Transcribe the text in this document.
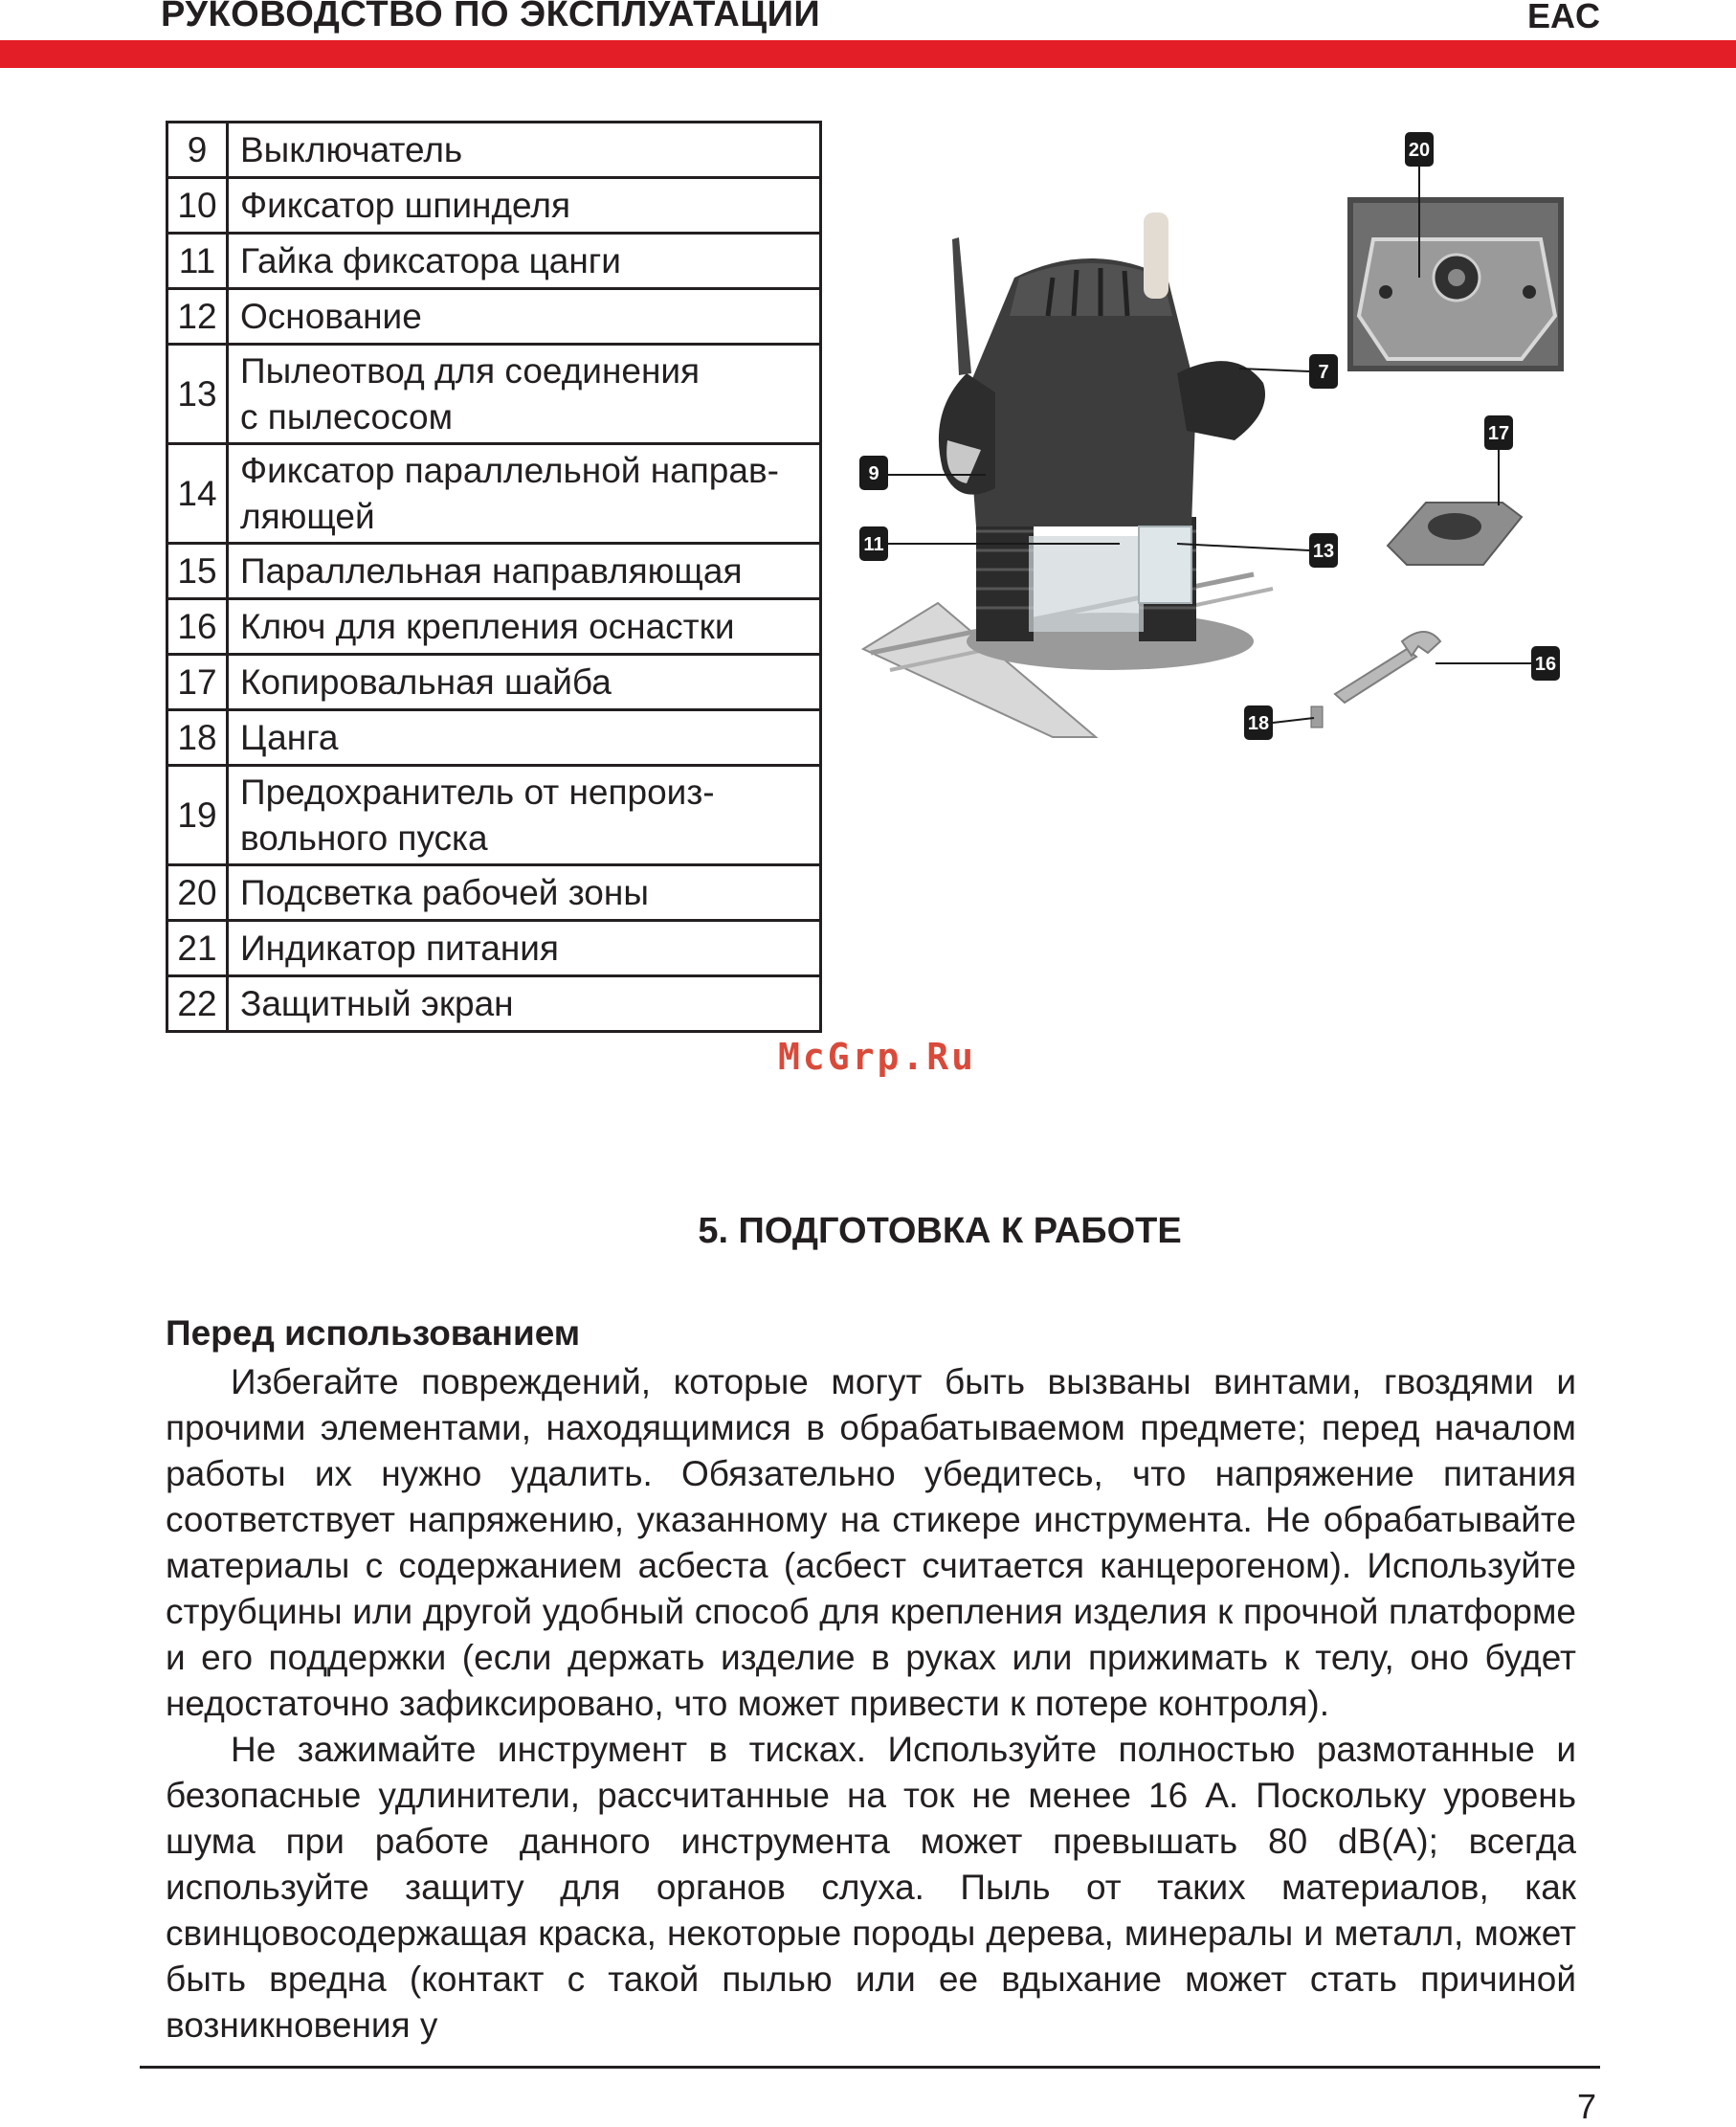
РУКОВОДСТВО ПО ЭКСПЛУАТАЦИИ	EAC
9	Выключатель
10	Фиксатор шпинделя
11	Гайка фиксатора цанги
12	Основание
13	Пылеотвод для соединения
с пылесосом

14	Фиксатор параллельной направ-
ляющей

15	Параллельная направляющая
16	Ключ для крепления оснастки
17	Копировальная шайба
18	Цанга
19	Предохранитель от непроиз-
вольного пуска

20	Подсветка рабочей зоны
21	Индикатор питания
22	Защитный экран
20
7
17
9
11	13
16
18
McGrp.Ru
5. ПОДГОТОВКА К РАБОТЕ
Перед использованием

Избегайте повреждений, которые могут быть вызваны винтами, гвоздями и прочими элементами, находящимися в обрабатываемом предмете; перед началом работы их нужно удалить. Обязательно убедитесь, что напряжение питания соответствует напряжению, указанному на стикере инструмента. Не обрабатывайте материалы с содержанием асбеста (асбест считается канцерогеном). Используйте струбцины или другой удобный способ для крепления изделия к прочной платформе и его поддержки (если держать изделие в руках или прижимать к телу, оно будет недостаточно зафиксировано, что может привести к потере контроля).

Не зажимайте инструмент в тисках. Используйте полностью размотанные и безопасные удлинители, рассчитанные на ток не менее 16 А. Поскольку уровень шума при работе данного инструмента может превышать 80 dB(A); всегда используйте защиту для органов слуха. Пыль от таких материалов, как свинцовосодержащая краска, некоторые породы дерева, минералы и металл, может быть вредна (контакт с такой пылью или ее вдыхание может стать причиной возникновения у

7
